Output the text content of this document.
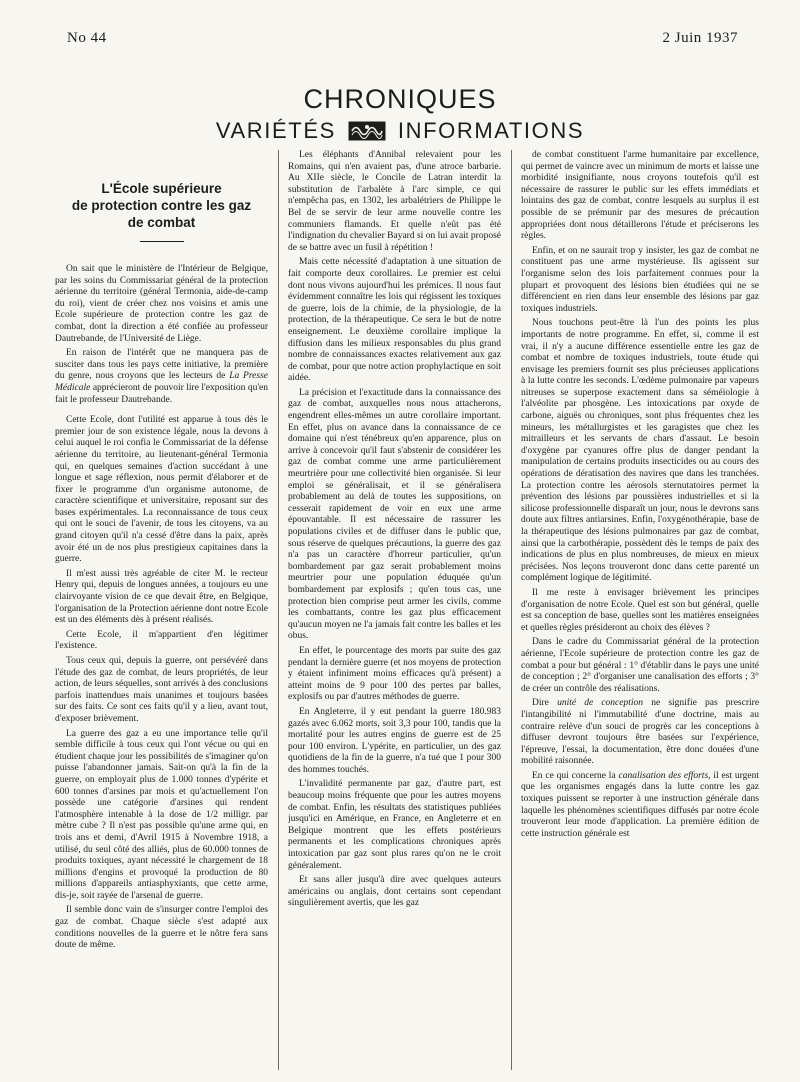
No 44	2 Juin 1937
CHRONIQUES
VARIÉTÉS	INFORMATIONS
L'École supérieure
de protection contre les gaz
de combat

On sait que le ministère de l'Intérieur de Belgique, par les soins du Commissariat général de la protection aérienne du territoire (général Termonia, aide-de-camp du roi), vient de créer chez nos voisins et amis une Ecole supérieure de protection contre les gaz de combat, dont la direction a été confiée au professeur Dautrebande, de l'Université de Liège.

En raison de l'intérêt que ne manquera pas de susciter dans tous les pays cette initiative, la première du genre, nous croyons que les lecteurs de La Presse Médicale apprécieront de pouvoir lire l'exposition qu'en fait le professeur Dautrebande.

Cette Ecole, dont l'utilité est apparue à tous dès le premier jour de son existence légale, nous la devons à celui auquel le roi confia le Commissariat de la défense aérienne du territoire, au lieutenant-général Termonia qui, en quelques semaines d'action succédant à une longue et sage réflexion, nous permit d'élaborer et de fixer le programme d'un organisme autonome, de caractère scientifique et universitaire, reposant sur des bases expérimentales. La reconnaissance de tous ceux qui ont le souci de l'avenir, de tous les citoyens, va au grand citoyen qu'il n'a cessé d'être dans la paix, après avoir été un de nos plus prestigieux capitaines dans la guerre.

Il m'est aussi très agréable de citer M. le recteur Henry qui, depuis de longues années, a toujours eu une clairvoyante vision de ce que devait être, en Belgique, l'organisation de la Protection aérienne dont notre Ecole est un des éléments dès à présent réalisés.

Cette Ecole, il m'appartient d'en légitimer l'existence.

Tous ceux qui, depuis la guerre, ont persévéré dans l'étude des gaz de combat, de leurs propriétés, de leur action, de leurs séquelles, sont arrivés à des conclusions parfois inattendues mais unanimes et toujours basées sur des faits. Ce sont ces faits qu'il y a lieu, avant tout, d'exposer brièvement.

La guerre des gaz a eu une importance telle qu'il semble difficile à tous ceux qui l'ont vécue ou qui en étudient chaque jour les possibilités de s'imaginer qu'on puisse l'abandonner jamais. Sait-on qu'à la fin de la guerre, on employait plus de 1.000 tonnes d'ypérite et 600 tonnes d'arsines par mois et qu'actuellement l'on possède une catégorie d'arsines qui rendent l'atmosphère intenable à la dose de 1/2 milligr. par mètre cube ? Il n'est pas possible qu'une arme qui, en trois ans et demi, d'Avril 1915 à Novembre 1918, a utilisé, du seul côté des alliés, plus de 60.000 tonnes de produits toxiques, ayant nécessité le chargement de 18 millions d'engins et provoqué la production de 80 millions d'appareils antiasphyxiants, que cette arme, dis-je, soit rayée de l'arsenal de guerre.

Il semble donc vain de s'insurger contre l'emploi des gaz de combat. Chaque siècle s'est adapté aux conditions nouvelles de la guerre et le nôtre fera sans doute de même.

Les éléphants d'Annibal relevaient pour les Romains, qui n'en avaient pas, d'une atroce barbarie. Au XIIe siècle, le Concile de Latran interdit la substitution de l'arbalète à l'arc simple, ce qui n'empêcha pas, en 1302, les arbalétriers de Philippe le Bel de se servir de leur arme nouvelle contre les communiers flamands. Et quelle n'eût pas été l'indignation du chevalier Bayard si on lui avait proposé de se battre avec un fusil à répétition !

Mais cette nécessité d'adaptation à une situation de fait comporte deux corollaires. Le premier est celui dont nous vivons aujourd'hui les prémices. Il nous faut évidemment connaître les lois qui régissent les toxiques de guerre, lois de la chimie, de la physiologie, de la protection, de la thérapeutique. Ce sera le but de notre enseignement. Le deuxième corollaire implique la diffusion dans les milieux responsables du plus grand nombre de connaissances exactes relativement aux gaz de combat, pour que notre action prophylactique en soit aidée.

La précision et l'exactitude dans la connaissance des gaz de combat, auxquelles nous nous attacherons, engendrent elles-mêmes un autre corollaire important. En effet, plus on avance dans la connaissance de ce domaine qui n'est ténébreux qu'en apparence, plus on arrive à concevoir qu'il faut s'abstenir de considérer les gaz de combat comme une arme particulièrement meurtrière pour une collectivité bien organisée. Si leur emploi se généralisait, et il se généralisera probablement au delà de toutes les suppositions, on cesserait rapidement de voir en eux une arme épouvantable. Il est nécessaire de rassurer les populations civiles et de diffuser dans le public que, sous réserve de quelques précautions, la guerre des gaz n'a pas un caractère d'horreur particulier, qu'un bombardement par gaz serait probablement moins meurtrier pour une population éduquée qu'un bombardement par explosifs ; qu'en tous cas, une protection bien comprise peut armer les civils, comme les combattants, contre les gaz plus efficacement qu'aucun moyen ne l'a jamais fait contre les balles et les obus.

En effet, le pourcentage des morts par suite des gaz pendant la dernière guerre (et nos moyens de protection y étaient infiniment moins efficaces qu'à présent) a atteint moins de 9 pour 100 des pertes par balles, explosifs ou par d'autres méthodes de guerre.

En Angleterre, il y eut pendant la guerre 180.983 gazés avec 6.062 morts, soit 3,3 pour 100, tandis que la mortalité pour les autres engins de guerre est de 25 pour 100 environ. L'ypérite, en particulier, un des gaz quotidiens de la fin de la guerre, n'a tué que 1 pour 300 des hommes touchés.

L'invalidité permanente par gaz, d'autre part, est beaucoup moins fréquente que pour les autres moyens de combat. Enfin, les résultats des statistiques publiées jusqu'ici en Amérique, en France, en Angleterre et en Belgique montrent que les effets postérieurs permanents et les complications chroniques après intoxication par gaz sont plus rares qu'on ne le croit généralement.

Et sans aller jusqu'à dire avec quelques auteurs américains ou anglais, dont certains sont cependant singulièrement avertis, que les gaz

de combat constituent l'arme humanitaire par excellence, qui permet de vaincre avec un minimum de morts et laisse une morbidité insignifiante, nous croyons toutefois qu'il est nécessaire de rassurer le public sur les effets immédiats et lointains des gaz de combat, contre lesquels au surplus il est possible de se prémunir par des mesures de précaution appropriées dont nous détaillerons l'étude et préciserons les règles.

Enfin, et on ne saurait trop y insister, les gaz de combat ne constituent pas une arme mystérieuse. Ils agissent sur l'organisme selon des lois parfaitement connues pour la plupart et provoquent des lésions bien étudiées qui ne se différencient en rien dans leur ensemble des lésions par gaz toxiques industriels.

Nous touchons peut-être là l'un des points les plus importants de notre programme. En effet, si, comme il est vrai, il n'y a aucune différence essentielle entre les gaz de combat et nombre de toxiques industriels, toute étude qui envisage les premiers fournit ses plus précieuses applications à la lutte contre les seconds. L'œdème pulmonaire par vapeurs nitreuses se superpose exactement dans sa séméiologie à l'alvéolite par phosgène. Les intoxications par oxyde de carbone, aiguës ou chroniques, sont plus fréquentes chez les mineurs, les métallurgistes et les garagistes que chez les mitrailleurs et les servants de chars d'assaut. Le besoin d'oxygène par cyanures offre plus de danger pendant la manipulation de certains produits insecticides ou au cours des opérations de dératisation des navires que dans les tranchées. La protection contre les aérosols sternutatoires permet la prévention des lésions par poussières industrielles et si la silicose professionnelle disparaît un jour, nous le devrons sans doute aux filtres antiarsines. Enfin, l'oxygénothérapie, base de la thérapeutique des lésions pulmonaires par gaz de combat, ainsi que la carbothérapie, possèdent dès le temps de paix des indications de plus en plus nombreuses, de mieux en mieux précisées. Nos leçons trouveront donc dans cette parenté un complément logique de légitimité.

Il me reste à envisager brièvement les principes d'organisation de notre Ecole. Quel est son but général, quelle est sa conception de base, quelles sont les matières enseignées et quelles règles présideront au choix des élèves ?

Dans le cadre du Commissariat général de la protection aérienne, l'Ecole supérieure de protection contre les gaz de combat a pour but général : 1° d'établir dans le pays une unité de conception ; 2° d'organiser une canalisation des efforts ; 3° de créer un contrôle des réalisations.

Dire unité de conception ne signifie pas prescrire l'intangibilité ni l'immutabilité d'une doctrine, mais au contraire relève d'un souci de progrès car les conceptions à diffuser devront toujours être basées sur l'expérience, l'épreuve, l'essai, la documentation, être donc douées d'une mobilité raisonnée.

En ce qui concerne la canalisation des efforts, il est urgent que les organismes engagés dans la lutte contre les gaz toxiques puissent se reporter à une instruction générale dans laquelle les phénomènes scientifiques diffusés par notre école trouveront leur mode d'application. La première édition de cette instruction générale est
